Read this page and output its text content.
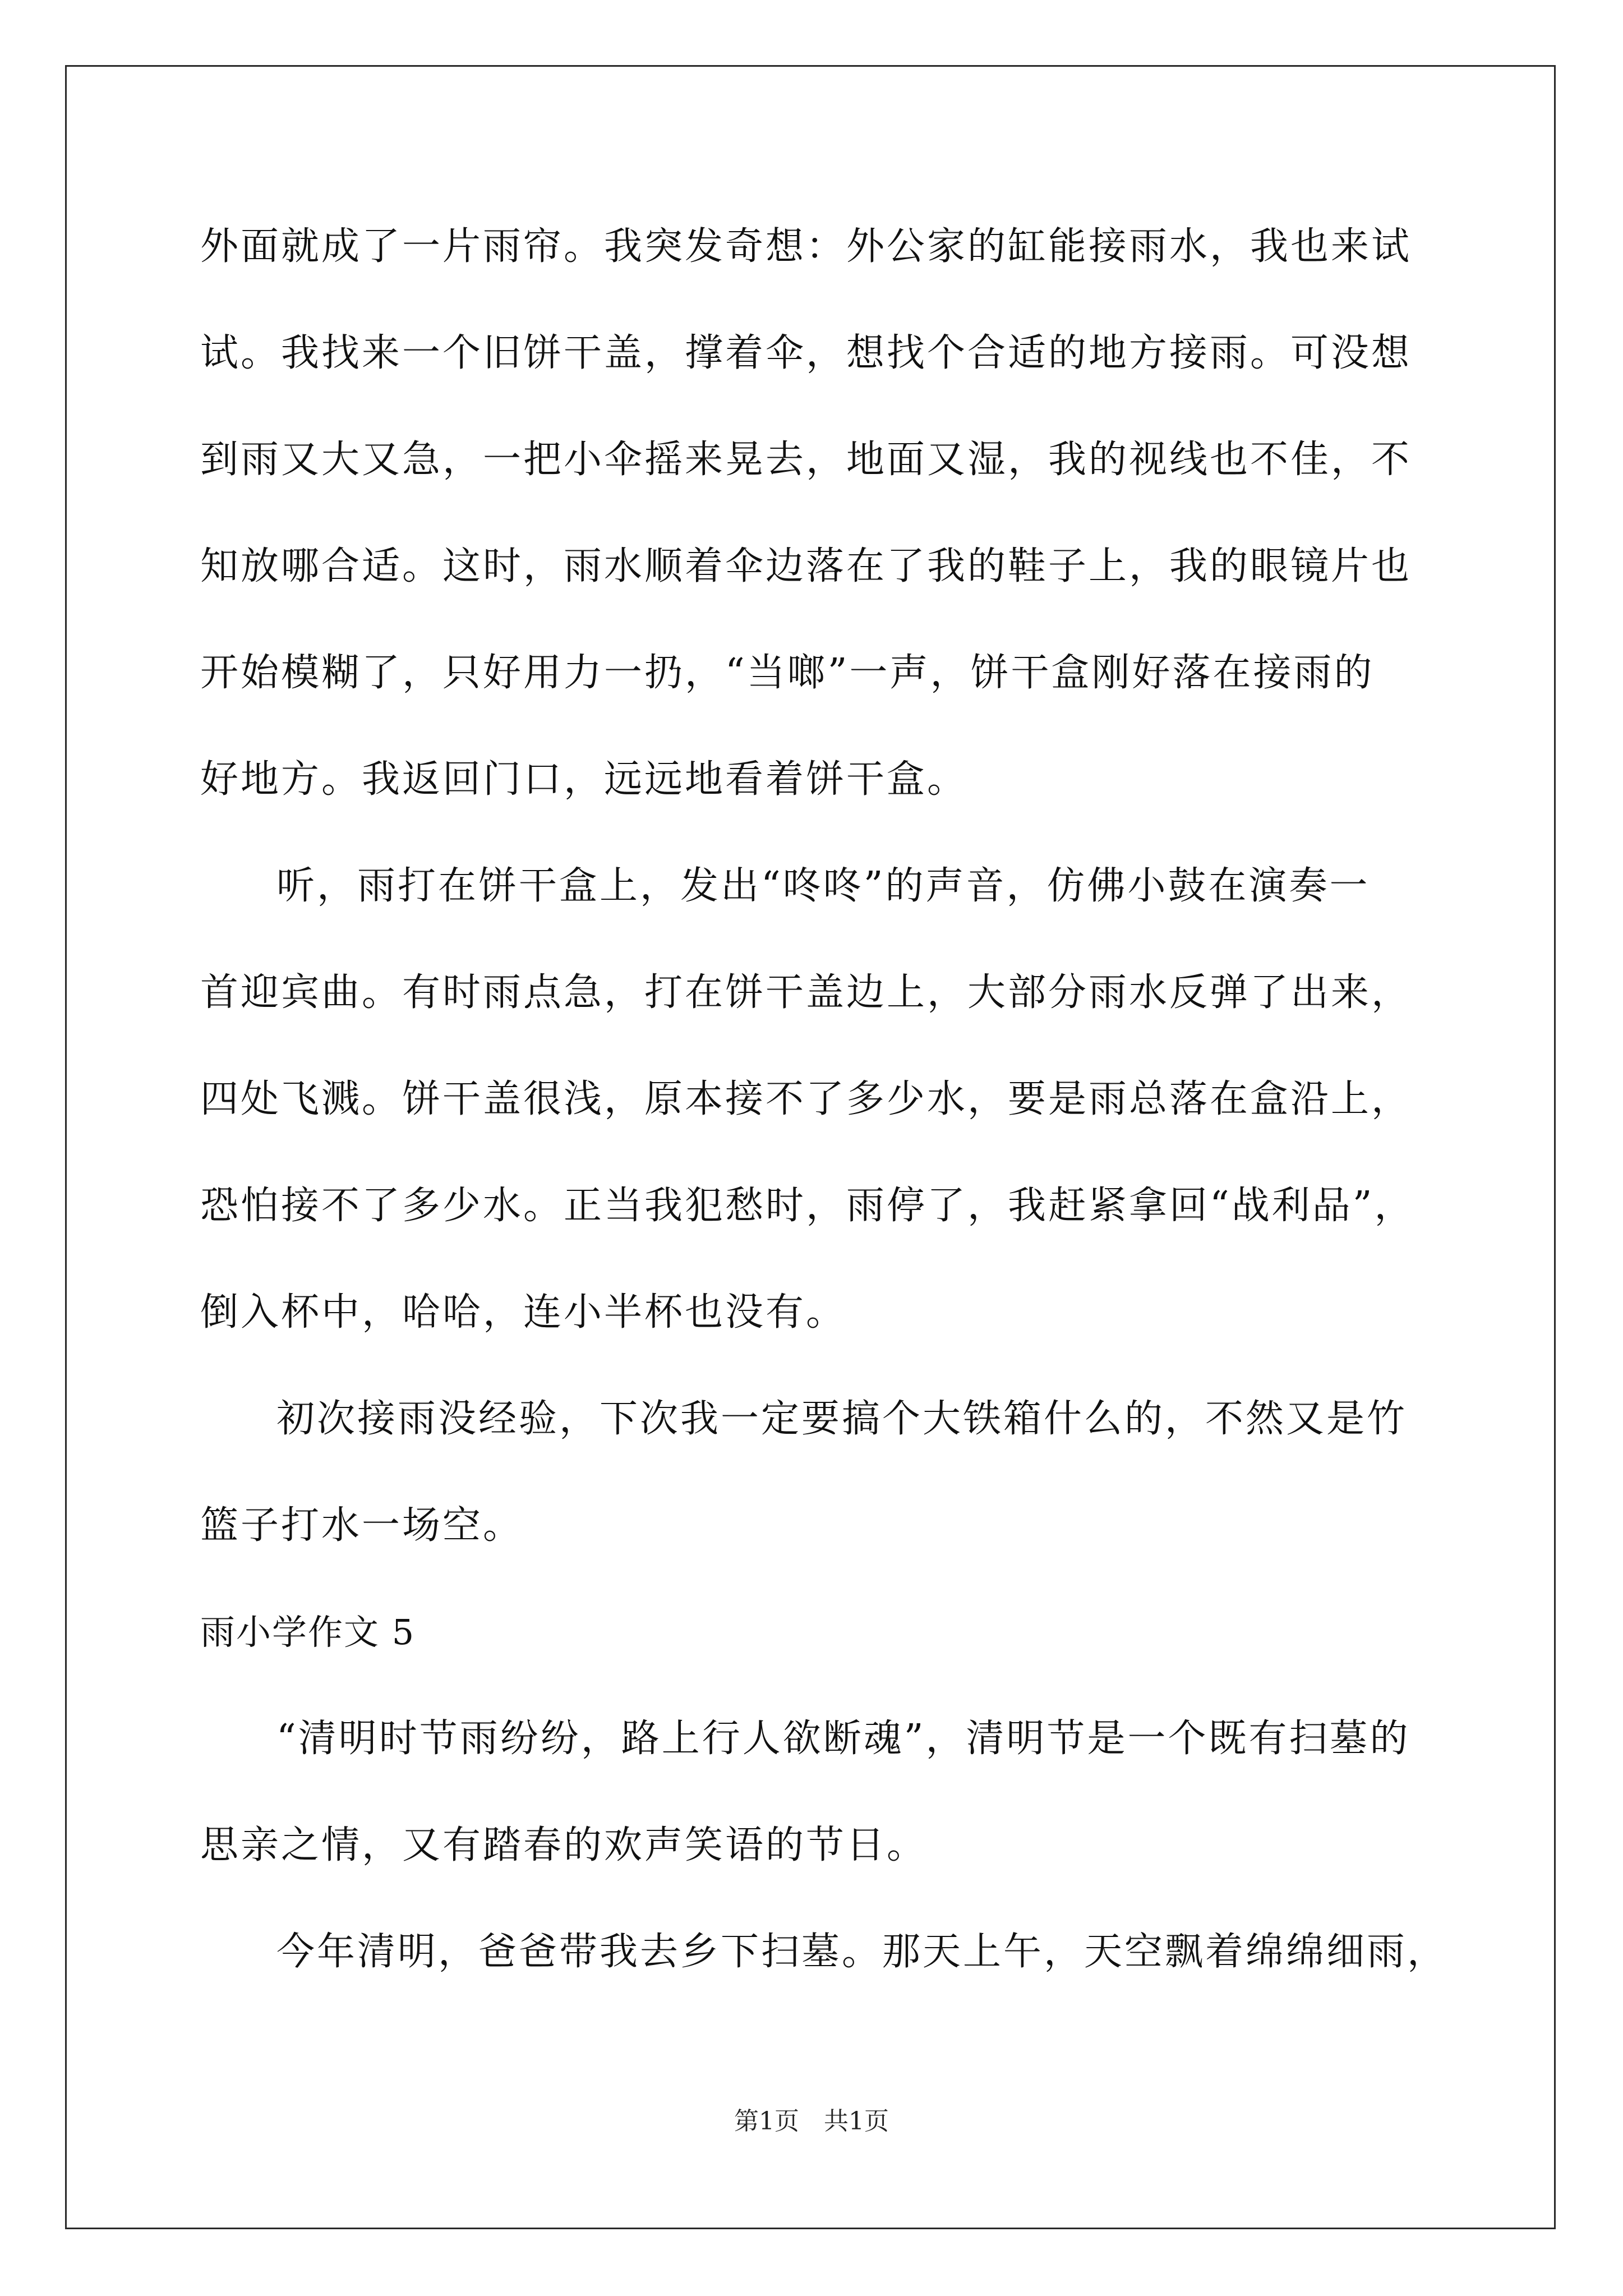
外面就成了一片雨帘。我突发奇想：外公家的缸能接雨水，我也来试
试。我找来一个旧饼干盖，撑着伞，想找个合适的地方接雨。可没想
到雨又大又急，一把小伞摇来晃去，地面又湿，我的视线也不佳，不
知放哪合适。这时，雨水顺着伞边落在了我的鞋子上，我的眼镜片也
开始模糊了，只好用力一扔，“当啷”一声，饼干盒刚好落在接雨的
好地方。我返回门口，远远地看着饼干盒。
听，雨打在饼干盒上，发出“咚咚”的声音，仿佛小鼓在演奏一
首迎宾曲。有时雨点急，打在饼干盖边上，大部分雨水反弹了出来，
四处飞溅。饼干盖很浅，原本接不了多少水，要是雨总落在盒沿上，
恐怕接不了多少水。正当我犯愁时，雨停了，我赶紧拿回“战利品”，
倒入杯中，哈哈，连小半杯也没有。
初次接雨没经验，下次我一定要搞个大铁箱什么的，不然又是竹
篮子打水一场空。
雨小学作文 5
“清明时节雨纷纷，路上行人欲断魂”，清明节是一个既有扫墓的
思亲之情，又有踏春的欢声笑语的节日。
今年清明，爸爸带我去乡下扫墓。那天上午，天空飘着绵绵细雨，
第1页　共1页
